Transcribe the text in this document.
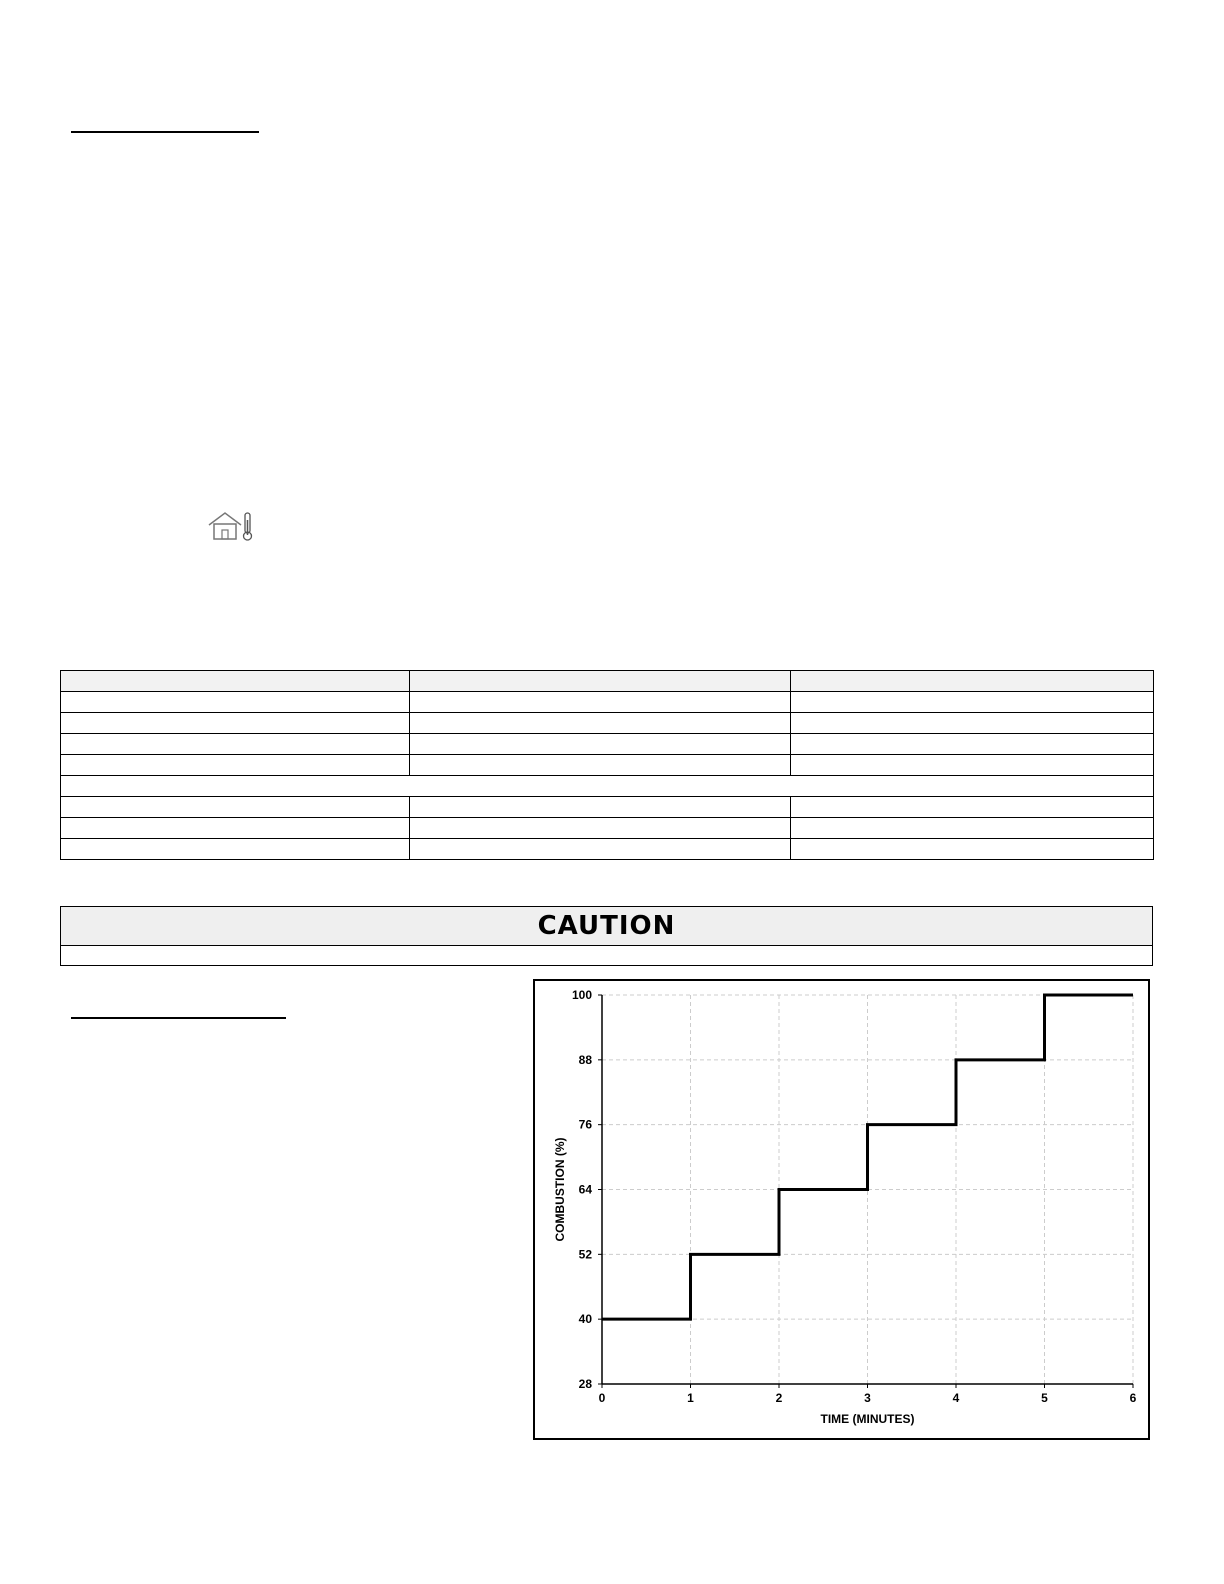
CAUTION
0	1	2	3	4	5	6
28
40
52
64
76
88
100
TIME (MINUTES)
COMBUSTION (%)
